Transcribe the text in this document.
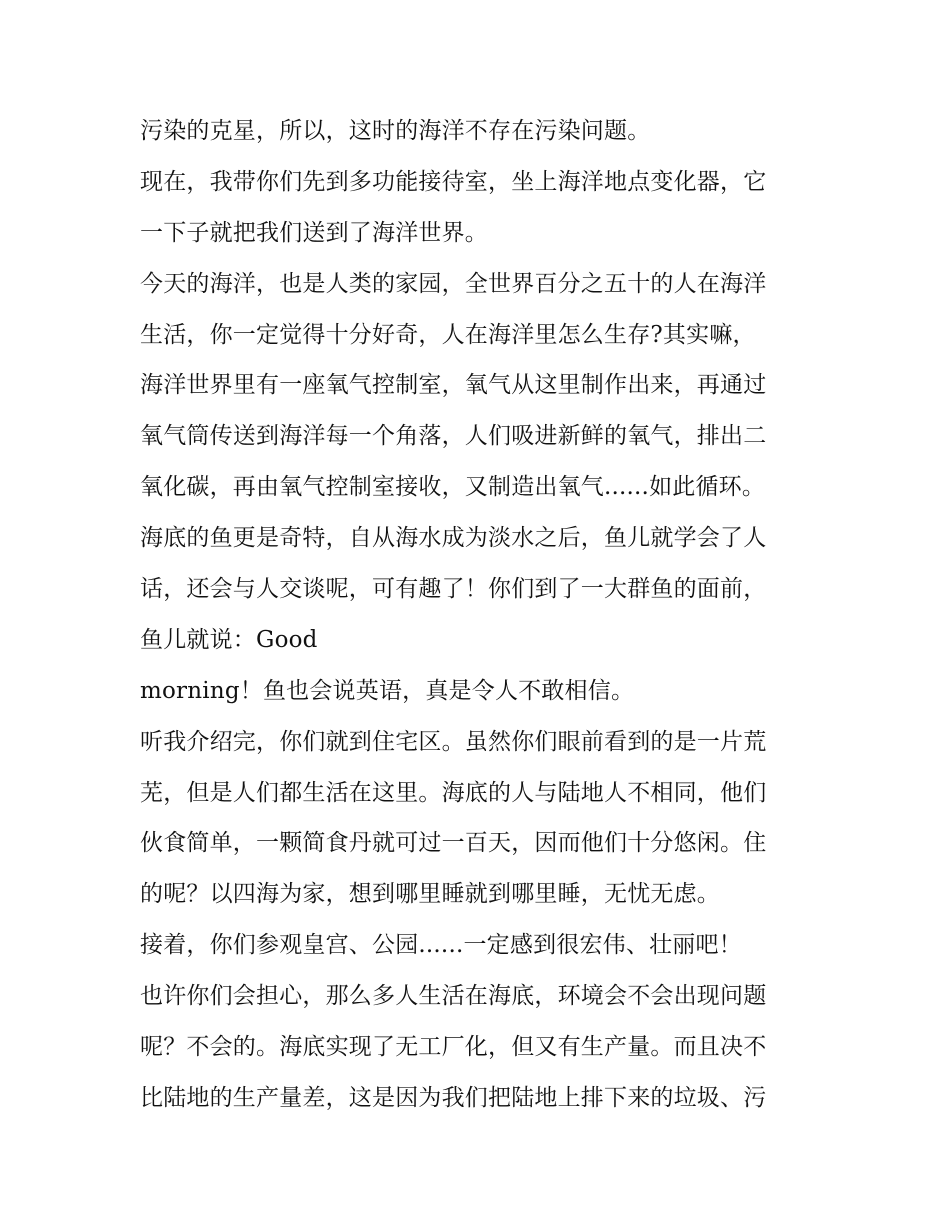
污染的克星，所以，这时的海洋不存在污染问题。
现在，我带你们先到多功能接待室，坐上海洋地点变化器，它
一下子就把我们送到了海洋世界。
今天的海洋，也是人类的家园，全世界百分之五十的人在海洋
生活，你一定觉得十分好奇，人在海洋里怎么生存?其实嘛，
海洋世界里有一座氧气控制室，氧气从这里制作出来，再通过
氧气筒传送到海洋每一个角落，人们吸进新鲜的氧气，排出二
氧化碳，再由氧气控制室接收，又制造出氧气......如此循环。
海底的鱼更是奇特，自从海水成为淡水之后，鱼儿就学会了人
话，还会与人交谈呢，可有趣了！你们到了一大群鱼的面前，
鱼儿就说：Good
morning！鱼也会说英语，真是令人不敢相信。
听我介绍完，你们就到住宅区。虽然你们眼前看到的是一片荒
芜，但是人们都生活在这里。海底的人与陆地人不相同，他们
伙食简单，一颗简食丹就可过一百天，因而他们十分悠闲。住
的呢？以四海为家，想到哪里睡就到哪里睡，无忧无虑。
接着，你们参观皇宫、公园......一定感到很宏伟、壮丽吧！
也许你们会担心，那么多人生活在海底，环境会不会出现问题
呢？不会的。海底实现了无工厂化，但又有生产量。而且决不
比陆地的生产量差，这是因为我们把陆地上排下来的垃圾、污
